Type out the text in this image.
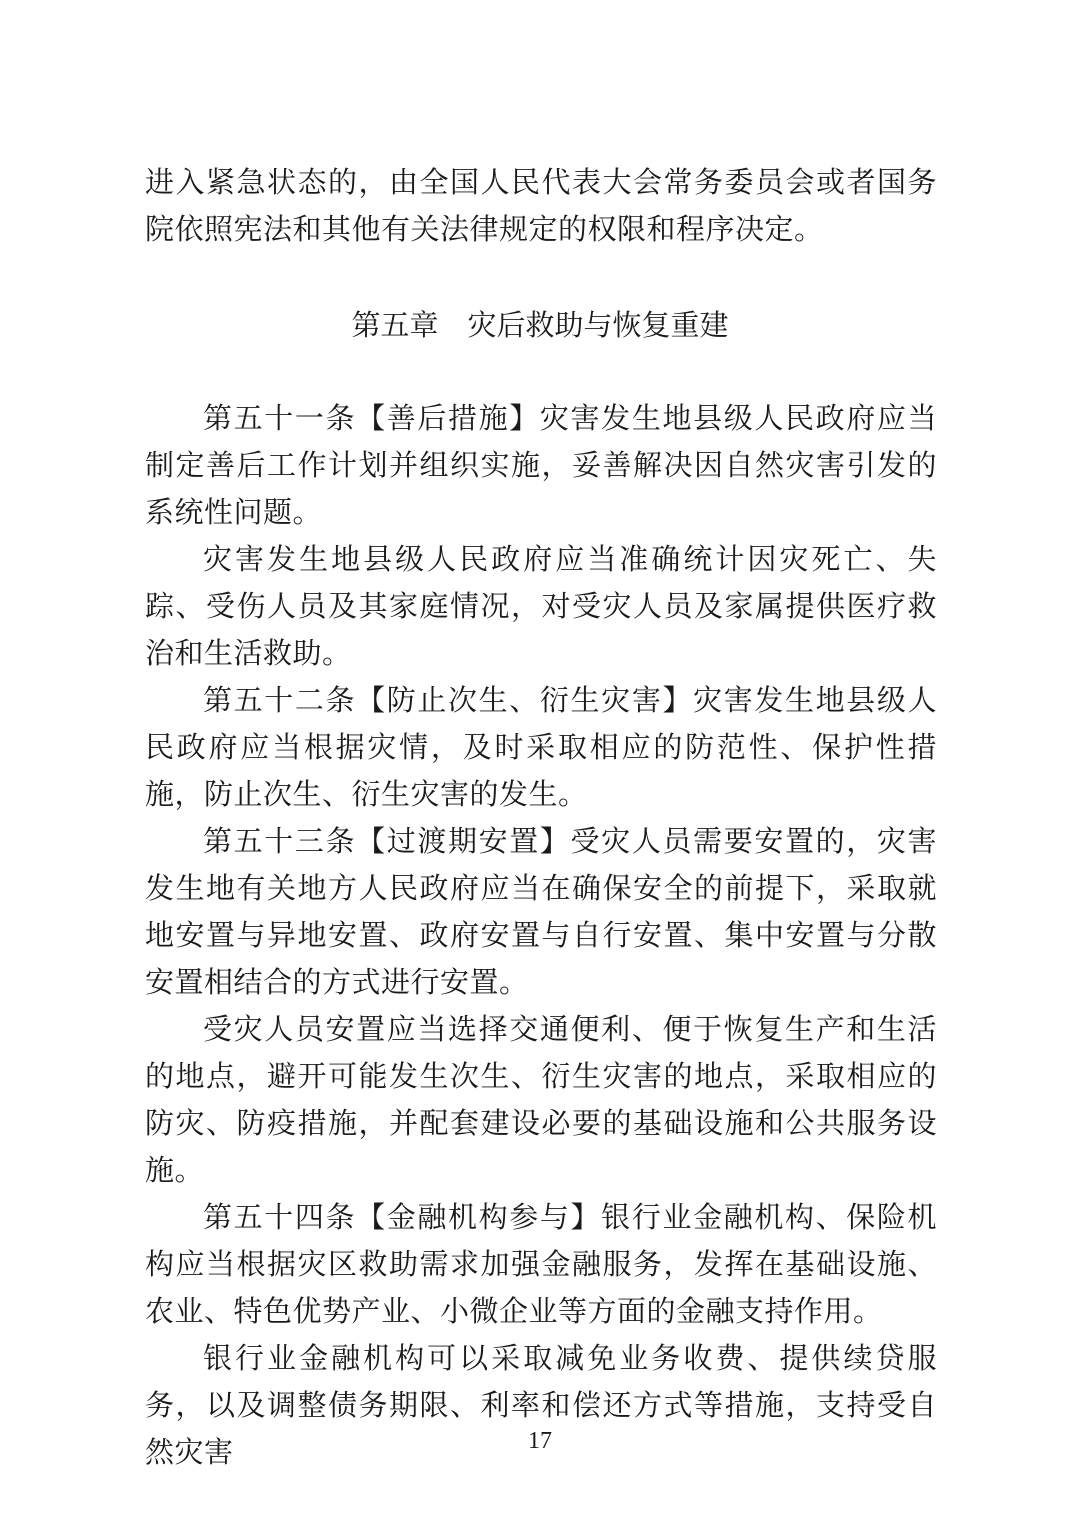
进入紧急状态的，由全国人民代表大会常务委员会或者国务院依照宪法和其他有关法律规定的权限和程序决定。

第五章　灾后救助与恢复重建

第五十一条【善后措施】灾害发生地县级人民政府应当制定善后工作计划并组织实施，妥善解决因自然灾害引发的系统性问题。

灾害发生地县级人民政府应当准确统计因灾死亡、失踪、受伤人员及其家庭情况，对受灾人员及家属提供医疗救治和生活救助。

第五十二条【防止次生、衍生灾害】灾害发生地县级人民政府应当根据灾情，及时采取相应的防范性、保护性措施，防止次生、衍生灾害的发生。

第五十三条【过渡期安置】受灾人员需要安置的，灾害发生地有关地方人民政府应当在确保安全的前提下，采取就地安置与异地安置、政府安置与自行安置、集中安置与分散安置相结合的方式进行安置。

受灾人员安置应当选择交通便利、便于恢复生产和生活的地点，避开可能发生次生、衍生灾害的地点，采取相应的防灾、防疫措施，并配套建设必要的基础设施和公共服务设施。

第五十四条【金融机构参与】银行业金融机构、保险机构应当根据灾区救助需求加强金融服务，发挥在基础设施、农业、特色优势产业、小微企业等方面的金融支持作用。

银行业金融机构可以采取减免业务收费、提供续贷服务，以及调整债务期限、利率和偿还方式等措施，支持受自然灾害	17
